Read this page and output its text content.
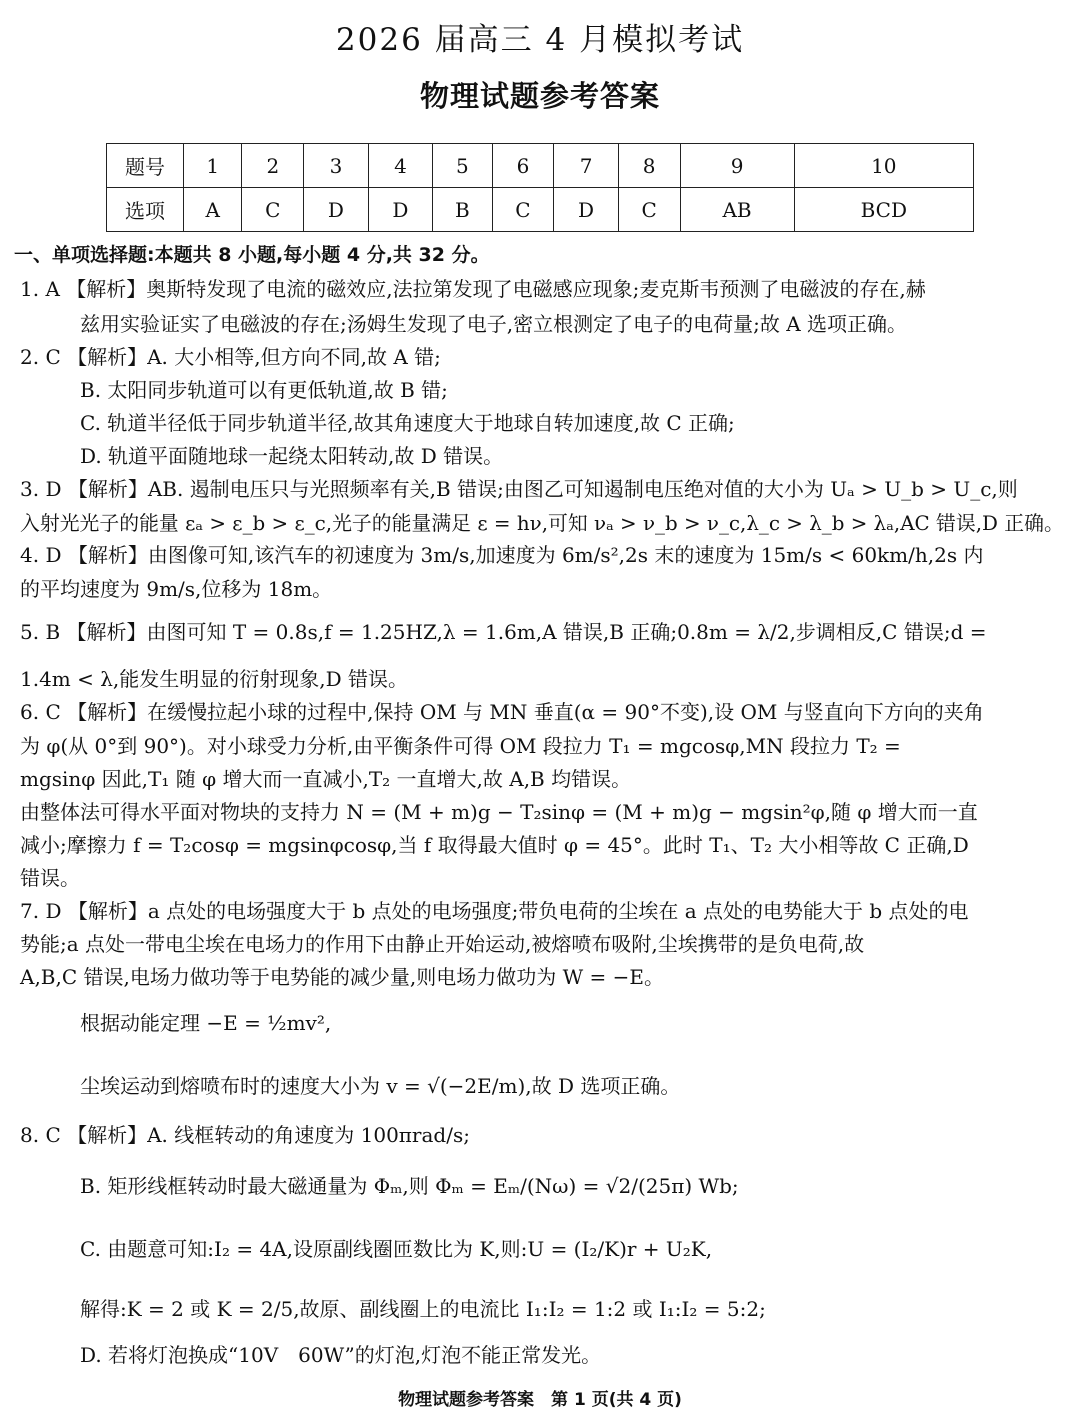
2026 届高三 4 月模拟考试
物理试题参考答案
题号	1	2	3	4	5	6	7	8	9	10
选项	A	C	D	D	B	C	D	C	AB	BCD
一、单项选择题:本题共 8 小题,每小题 4 分,共 32 分。
1. A 【解析】奥斯特发现了电流的磁效应,法拉第发现了电磁感应现象;麦克斯韦预测了电磁波的存在,赫
兹用实验证实了电磁波的存在;汤姆生发现了电子,密立根测定了电子的电荷量;故 A 选项正确。
2. C 【解析】A. 大小相等,但方向不同,故 A 错;
B. 太阳同步轨道可以有更低轨道,故 B 错;
C. 轨道半径低于同步轨道半径,故其角速度大于地球自转加速度,故 C 正确;
D. 轨道平面随地球一起绕太阳转动,故 D 错误。
3. D 【解析】AB. 遏制电压只与光照频率有关,B 错误;由图乙可知遏制电压绝对值的大小为 Uₐ > U_b > U_c,则
入射光光子的能量 εₐ > ε_b > ε_c,光子的能量满足 ε = hν,可知 νₐ > ν_b > ν_c,λ_c > λ_b > λₐ,AC 错误,D 正确。
4. D 【解析】由图像可知,该汽车的初速度为 3m/s,加速度为 6m/s²,2s 末的速度为 15m/s < 60km/h,2s 内
的平均速度为 9m/s,位移为 18m。
5. B 【解析】由图可知 T = 0.8s,f = 1.25HZ,λ = 1.6m,A 错误,B 正确;0.8m = λ/2,步调相反,C 错误;d =
1.4m < λ,能发生明显的衍射现象,D 错误。
6. C 【解析】在缓慢拉起小球的过程中,保持 OM 与 MN 垂直(α = 90°不变),设 OM 与竖直向下方向的夹角
为 φ(从 0°到 90°)。对小球受力分析,由平衡条件可得 OM 段拉力 T₁ = mgcosφ,MN 段拉力 T₂ =
mgsinφ 因此,T₁ 随 φ 增大而一直减小,T₂ 一直增大,故 A,B 均错误。
由整体法可得水平面对物块的支持力 N = (M + m)g − T₂sinφ = (M + m)g − mgsin²φ,随 φ 增大而一直
减小;摩擦力 f = T₂cosφ = mgsinφcosφ,当 f 取得最大值时 φ = 45°。此时 T₁、T₂ 大小相等故 C 正确,D
错误。
7. D 【解析】a 点处的电场强度大于 b 点处的电场强度;带负电荷的尘埃在 a 点处的电势能大于 b 点处的电
势能;a 点处一带电尘埃在电场力的作用下由静止开始运动,被熔喷布吸附,尘埃携带的是负电荷,故
A,B,C 错误,电场力做功等于电势能的减少量,则电场力做功为 W = −E。
根据动能定理 −E = ½mv²,
尘埃运动到熔喷布时的速度大小为 v = √(−2E/m),故 D 选项正确。
8. C 【解析】A. 线框转动的角速度为 100πrad/s;
B. 矩形线框转动时最大磁通量为 Φₘ,则 Φₘ = Eₘ/(Nω) = √2/(25π) Wb;
C. 由题意可知:I₂ = 4A,设原副线圈匝数比为 K,则:U = (I₂/K)r + U₂K,
解得:K = 2 或 K = 2/5,故原、副线圈上的电流比 I₁:I₂ = 1:2 或 I₁:I₂ = 5:2;
D. 若将灯泡换成“10V　60W”的灯泡,灯泡不能正常发光。
物理试题参考答案　第 1 页(共 4 页)
